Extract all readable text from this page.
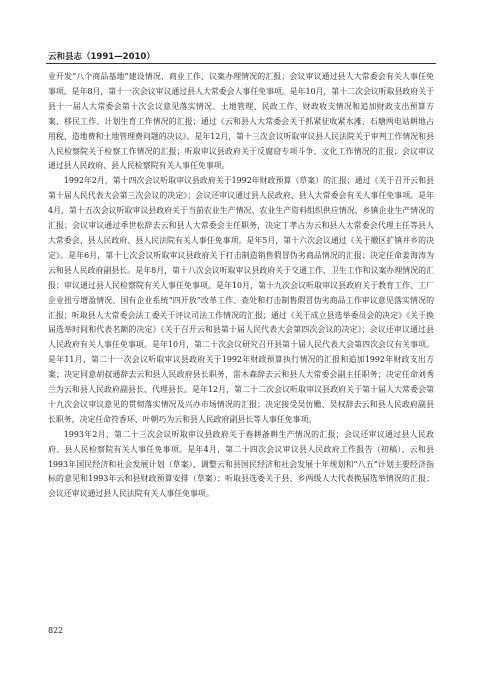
云和县志（1991—2010）

业开发“八个商品基地”建设情况、商业工作、议案办理情况的汇报；会议审议通过县人大常委会有关人事任免事项。是年8月，第十一次会议审议通过县人大常委会人事任免事项。是年10月，第十二次会议听取县政府关于县十一届人大常委会第十次会议意见落实情况、土地管理、民政工作、财政收支情况和追加财政支出预算方案、移民工作、计划生育工作情况的汇报；通过《云和县人大常委会关于抓紧征收紧水滩、石塘两电站耕地占用税、造地费和土地管理费问题的决议》。是年12月，第十三次会议听取审议县人民法院关于审判工作情况和县人民检察院关于检察工作情况的汇报；听取审议县政府关于反腐窃专项斗争、文化工作情况的汇报；会议审议通过县人民政府、县人民检察院有关人事任免事项。

1992年2月，第十四次会议听取审议县政府关于1992年财政预算（草案）的汇报；通过《关于召开云和县第十届人民代表大会第三次会议的决定》；会议还审议通过县人民政府、县人大常委会有关人事任免事项。是年4月，第十五次会议听取审议县政府关于当前农业生产情况、农业生产资料组织供应情况、乡镇企业生产情况的汇报；会议审议通过季世松辞去云和县人大常委会主任职务，决定丁孝占为云和县人大常委会代理主任等县人大常委会、县人民政府、县人民法院有关人事任免事项。是年5月，第十六次会议通过《关于撤区扩镇并乡的决定》。是年6月，第十七次会议听取审议县政府关于打击制造销售假冒伪劣商品情况的汇报；决定任命姜海涛为云和县人民政府副县长。是年8月，第十八次会议听取审议县政府关于交通工作、卫生工作和议案办理情况的汇报；审议通过县人民检察院有关人事任免事项。是年10月，第十九次会议听取审议县政府关于教育工作、工厂企业扭亏增盈情况、国有企业系统“四开放”改革工作、查处和打击制售假冒伪劣商品工作审议意见落实情况的汇报；听取县人大常委会法工委关于评议司法工作情况的汇报；通过《关于成立县选举委员会的决定》《关于换届选举时间和代表名额的决定》《关于召开云和县第十届人民代表大会第四次会议的决定》；会议还审议通过县人民政府有关人事任免事项。是年10月，第二十次会议研究召开县第十届人民代表大会第四次会议有关事项。是年11月，第二十一次会议听取审议县政府关于1992年财政预算执行情况的汇报和追加1992年财政支出方案；决定同意胡叔通辞去云和县人民政府县长职务，雷木森辞去云和县人大常委会副主任职务；决定任命刘秀兰为云和县人民政府副县长、代理县长。是年12月，第二十二次会议听取审议县政府关于第十届人大常委会第十九次会议审议意见的贯彻落实情况及兴办市场情况的汇报；决定接受吴仿赡、吴权辞去云和县人民政府副县长职务，决定任命符香环、叶朝巧为云和县人民政府副县长等人事任免事项。

1993年2月，第二十三次会议听取审议县政府关于春耕备耕生产情况的汇报；会议还审议通过县人民政府、县人民检察院有关人事任免事项。是年4月，第二十四次会议审议县人民政府工作报告（初稿）、云和县1993年国民经济和社会发展计划（草案）、调整云和县国民经济和社会发展十年规划和“八五”计划主要经济指标的意见和1993年云和县财政预算安排（草案）；听取县选委关于县、乡两级人大代表换届选举情况的汇报；会议还审议通过县人民法院有关人事任免事项。

822
